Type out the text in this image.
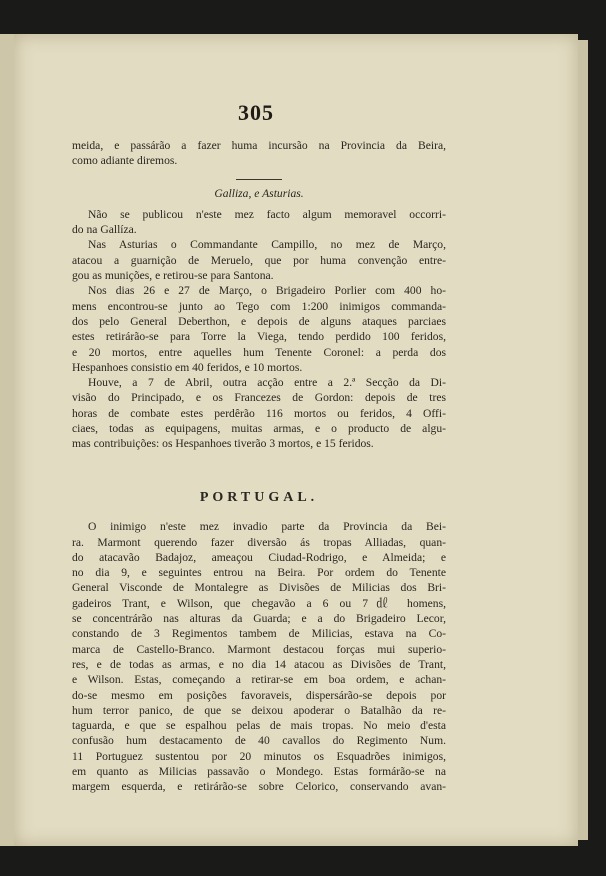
305
meida, e passárão a fazer huma incursão na Provincia da Beira,
como adiante diremos.
Galliza, e Asturias.
Não se publicou n'este mez facto algum memoravel occorri-
do na Gallíza.
Nas Asturias o Commandante Campillo, no mez de Março,
atacou a guarnição de Meruelo, que por huma convenção entre-
gou as munições, e retirou-se para Santona.
Nos dias 26 e 27 de Março, o Brigadeiro Porlier com 400 ho-
mens encontrou-se junto ao Tego com 1:200 inimigos commanda-
dos pelo General Deberthon, e depois de alguns ataques parciaes
estes retirárão-se para Torre la Viega, tendo perdido 100 feridos,
e 20 mortos, entre aquelles hum Tenente Coronel: a perda dos
Hespanhoes consistio em 40 feridos, e 10 mortos.
Houve, a 7 de Abril, outra acção entre a 2.ª Secção da Di-
visão do Principado, e os Francezes de Gordon: depois de tres
horas de combate estes perdêrão 116 mortos ou feridos, 4 Offi-
ciaes, todas as equipagens, muitas armas, e o producto de algu-
mas contribuições: os Hespanhoes tiverão 3 mortos, e 15 feridos.
PORTUGAL.
O inimigo n'este mez invadio parte da Provincia da Bei-
ra. Marmont querendo fazer diversão ás tropas Alliadas, quan-
do atacavão Badajoz, ameaçou Ciudad-Rodrigo, e Almeida; e
no dia 9, e seguintes entrou na Beira. Por ordem do Tenente
General Visconde de Montalegre as Divisões de Milicias dos Bri-
gadeiros Trant, e Wilson, que chegavão a 6 ou 7㎗ homens,
se concentrárão nas alturas da Guarda; e a do Brigadeiro Lecor,
constando de 3 Regimentos tambem de Milicias, estava na Co-
marca de Castello-Branco. Marmont destacou forças mui superio-
res, e de todas as armas, e no dia 14 atacou as Divisões de Trant,
e Wilson. Estas, começando a retirar-se em boa ordem, e achan-
do-se mesmo em posições favoraveis, dispersárão-se depois por
hum terror panico, de que se deixou apoderar o Batalhão da re-
taguarda, e que se espalhou pelas de mais tropas. No meio d'esta
confusão hum destacamento de 40 cavallos do Regimento Num.
11 Portuguez sustentou por 20 minutos os Esquadrões inimigos,
em quanto as Milicias passavão o Mondego. Estas formárão-se na
margem esquerda, e retirárão-se sobre Celorico, conservando avan-
